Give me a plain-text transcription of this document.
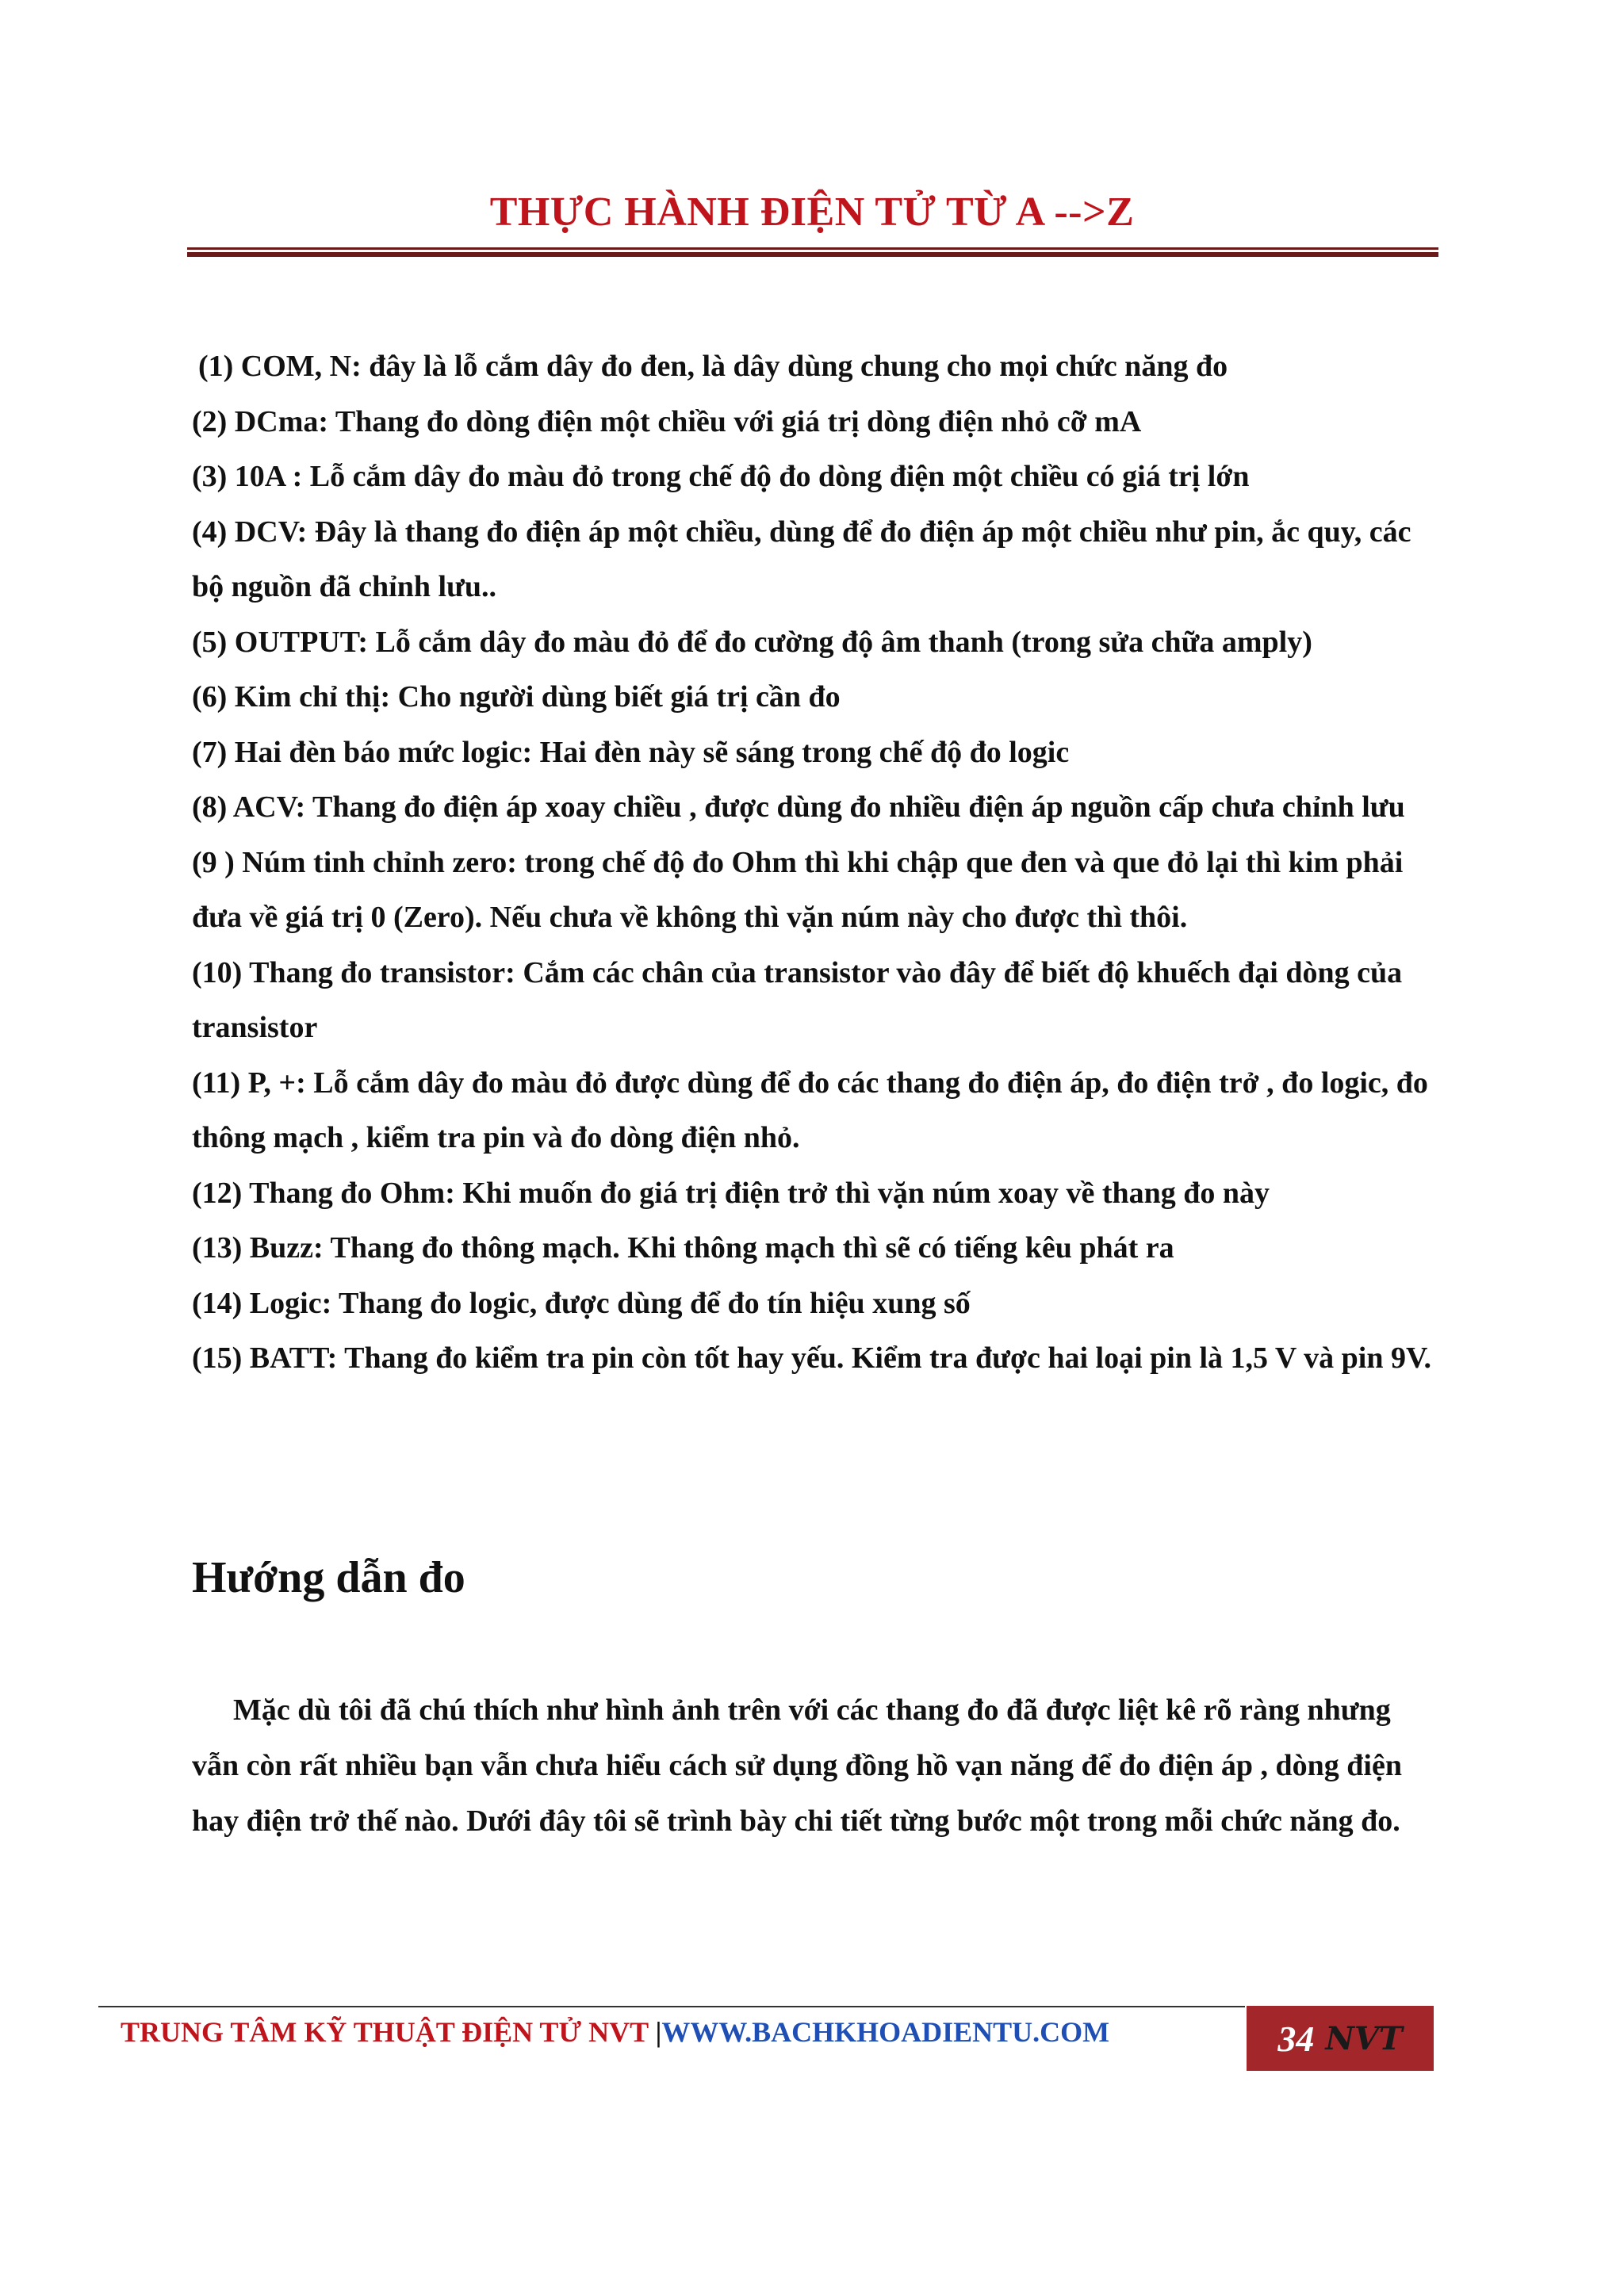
THỰC HÀNH ĐIỆN TỬ TỪ A -->Z

(1) COM, N: đây là lỗ cắm dây đo đen, là dây dùng chung cho mọi chức năng đo

(2) DCma: Thang đo dòng điện một chiều với giá trị dòng điện nhỏ cỡ mA

(3) 10A : Lỗ cắm dây đo màu đỏ trong chế độ đo dòng điện một chiều có giá trị lớn

(4) DCV: Đây là thang đo điện áp một chiều, dùng để đo điện áp một chiều như pin, ắc quy, các bộ nguồn đã chỉnh lưu..

(5) OUTPUT: Lỗ cắm dây đo màu đỏ để đo cường độ âm thanh (trong sửa chữa amply)

(6) Kim chỉ thị: Cho người dùng biết giá trị cần đo

(7) Hai đèn báo mức logic: Hai đèn này sẽ sáng trong chế độ đo logic

(8) ACV: Thang đo điện áp xoay chiều , được dùng đo nhiều điện áp nguồn cấp chưa chỉnh lưu

(9 ) Núm tinh chỉnh zero: trong chế độ đo Ohm thì khi chập que đen và que đỏ lại thì kim phải đưa về giá trị 0 (Zero). Nếu chưa về không thì vặn núm này cho được thì thôi.

(10) Thang đo transistor: Cắm các chân của transistor vào đây để biết độ khuếch đại dòng của transistor

(11) P, +: Lỗ cắm dây đo màu đỏ được dùng để đo các thang đo điện áp, đo điện trở , đo logic, đo thông mạch , kiểm tra pin và đo dòng điện nhỏ.

(12) Thang đo Ohm: Khi muốn đo giá trị điện trở thì vặn núm xoay về thang đo này

(13) Buzz: Thang đo thông mạch. Khi thông mạch thì sẽ có tiếng kêu phát ra

(14) Logic: Thang đo logic, được dùng để đo tín hiệu xung số

(15) BATT: Thang đo kiểm tra pin còn tốt hay yếu. Kiểm tra được hai loại pin là 1,5 V và pin 9V.

Hướng dẫn đo

Mặc dù tôi đã chú thích như hình ảnh trên với các thang đo đã được liệt kê rõ ràng nhưng vẫn còn rất nhiều bạn vẫn chưa hiểu cách sử dụng đồng hồ vạn năng để đo điện áp , dòng điện hay điện trở thế nào. Dưới đây tôi sẽ trình bày chi tiết từng bước một trong mỗi chức năng đo.

TRUNG TÂM KỸ THUẬT ĐIỆN TỬ NVT |WWW.BACHKHOADIENTU.COM	34 NVT
